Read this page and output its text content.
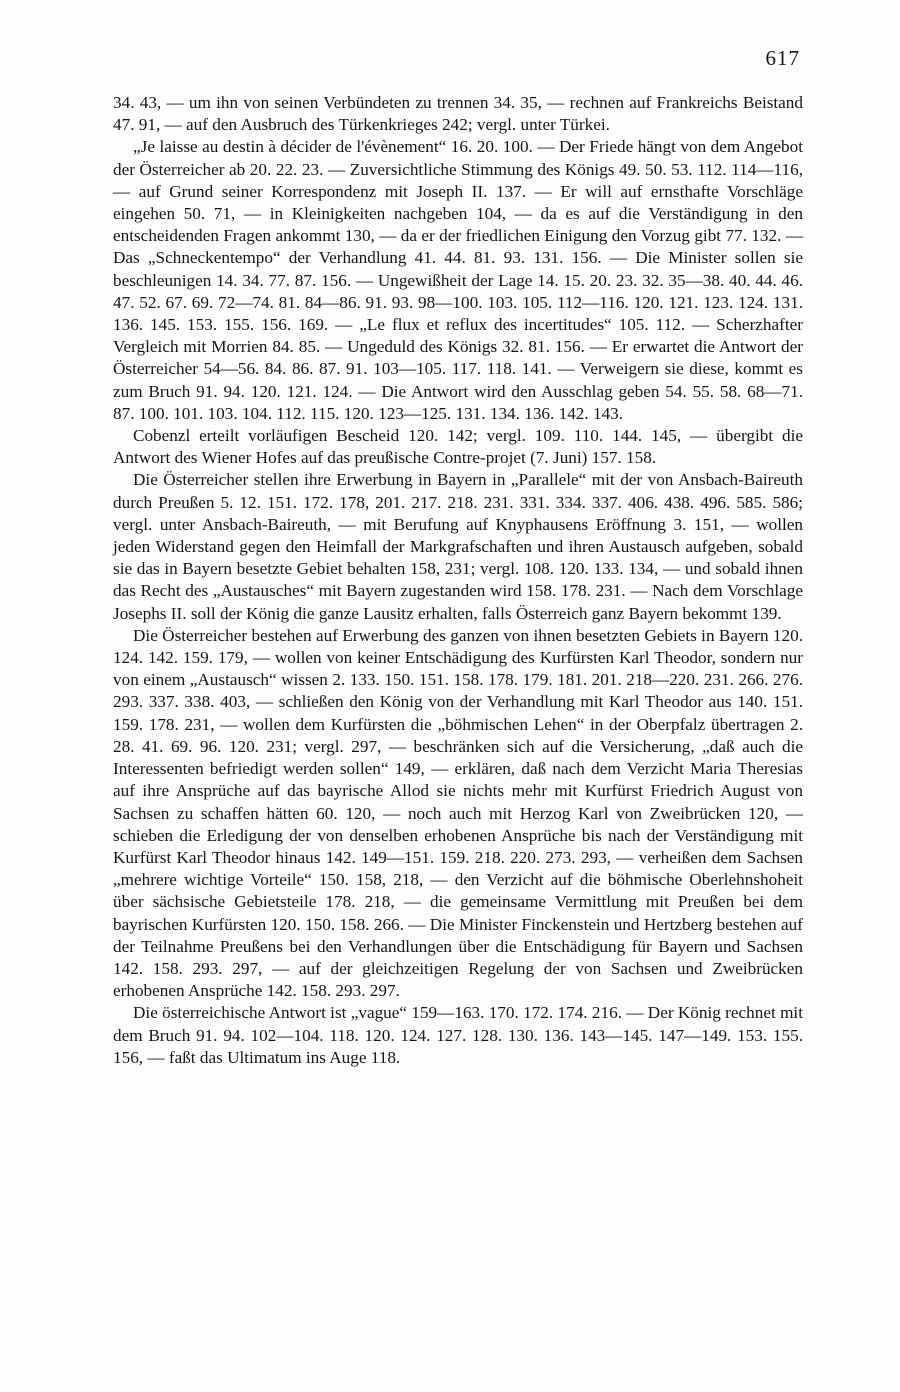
617

34. 43, — um ihn von seinen Verbündeten zu trennen 34. 35, — rechnen auf Frankreichs Beistand 47. 91, — auf den Ausbruch des Türkenkrieges 242; vergl. unter Türkei.

„Je laisse au destin à décider de l'évènement“ 16. 20. 100. — Der Friede hängt von dem Angebot der Österreicher ab 20. 22. 23. — Zuversichtliche Stimmung des Königs 49. 50. 53. 112. 114—116, — auf Grund seiner Korrespondenz mit Joseph II. 137. — Er will auf ernsthafte Vorschläge eingehen 50. 71, — in Kleinigkeiten nachgeben 104, — da es auf die Verständigung in den entscheidenden Fragen ankommt 130, — da er der friedlichen Einigung den Vorzug gibt 77. 132. — Das „Schneckentempo“ der Verhandlung 41. 44. 81. 93. 131. 156. — Die Minister sollen sie beschleunigen 14. 34. 77. 87. 156. — Ungewißheit der Lage 14. 15. 20. 23. 32. 35—38. 40. 44. 46. 47. 52. 67. 69. 72—74. 81. 84—86. 91. 93. 98—100. 103. 105. 112—116. 120. 121. 123. 124. 131. 136. 145. 153. 155. 156. 169. — „Le flux et reflux des incertitudes“ 105. 112. — Scherzhafter Vergleich mit Morrien 84. 85. — Ungeduld des Königs 32. 81. 156. — Er erwartet die Antwort der Österreicher 54—56. 84. 86. 87. 91. 103—105. 117. 118. 141. — Verweigern sie diese, kommt es zum Bruch 91. 94. 120. 121. 124. — Die Antwort wird den Ausschlag geben 54. 55. 58. 68—71. 87. 100. 101. 103. 104. 112. 115. 120. 123—125. 131. 134. 136. 142. 143.

Cobenzl erteilt vorläufigen Bescheid 120. 142; vergl. 109. 110. 144. 145, — übergibt die Antwort des Wiener Hofes auf das preußische Contre-projet (7. Juni) 157. 158.

Die Österreicher stellen ihre Erwerbung in Bayern in „Parallele“ mit der von Ansbach-Baireuth durch Preußen 5. 12. 151. 172. 178, 201. 217. 218. 231. 331. 334. 337. 406. 438. 496. 585. 586; vergl. unter Ansbach-Baireuth, — mit Berufung auf Knyphausens Eröffnung 3. 151, — wollen jeden Widerstand gegen den Heimfall der Markgrafschaften und ihren Austausch aufgeben, sobald sie das in Bayern besetzte Gebiet behalten 158, 231; vergl. 108. 120. 133. 134, — und sobald ihnen das Recht des „Austausches“ mit Bayern zugestanden wird 158. 178. 231. — Nach dem Vorschlage Josephs II. soll der König die ganze Lausitz erhalten, falls Österreich ganz Bayern bekommt 139.

Die Österreicher bestehen auf Erwerbung des ganzen von ihnen besetzten Gebiets in Bayern 120. 124. 142. 159. 179, — wollen von keiner Entschädigung des Kurfürsten Karl Theodor, sondern nur von einem „Austausch“ wissen 2. 133. 150. 151. 158. 178. 179. 181. 201. 218—220. 231. 266. 276. 293. 337. 338. 403, — schließen den König von der Verhandlung mit Karl Theodor aus 140. 151. 159. 178. 231, — wollen dem Kurfürsten die „böhmischen Lehen“ in der Oberpfalz übertragen 2. 28. 41. 69. 96. 120. 231; vergl. 297, — beschränken sich auf die Versicherung, „daß auch die Interessenten befriedigt werden sollen“ 149, — erklären, daß nach dem Verzicht Maria Theresias auf ihre Ansprüche auf das bayrische Allod sie nichts mehr mit Kurfürst Friedrich August von Sachsen zu schaffen hätten 60. 120, — noch auch mit Herzog Karl von Zweibrücken 120, — schieben die Erledigung der von denselben erhobenen Ansprüche bis nach der Verständigung mit Kurfürst Karl Theodor hinaus 142. 149—151. 159. 218. 220. 273. 293, — verheißen dem Sachsen „mehrere wichtige Vorteile“ 150. 158, 218, — den Verzicht auf die böhmische Oberlehnshoheit über sächsische Gebietsteile 178. 218, — die gemeinsame Vermittlung mit Preußen bei dem bayrischen Kurfürsten 120. 150. 158. 266. — Die Minister Finckenstein und Hertzberg bestehen auf der Teilnahme Preußens bei den Verhandlungen über die Entschädigung für Bayern und Sachsen 142. 158. 293. 297, — auf der gleichzeitigen Regelung der von Sachsen und Zweibrücken erhobenen Ansprüche 142. 158. 293. 297.

Die österreichische Antwort ist „vague“ 159—163. 170. 172. 174. 216. — Der König rechnet mit dem Bruch 91. 94. 102—104. 118. 120. 124. 127. 128. 130. 136. 143—145. 147—149. 153. 155. 156, — faßt das Ultimatum ins Auge 118.
